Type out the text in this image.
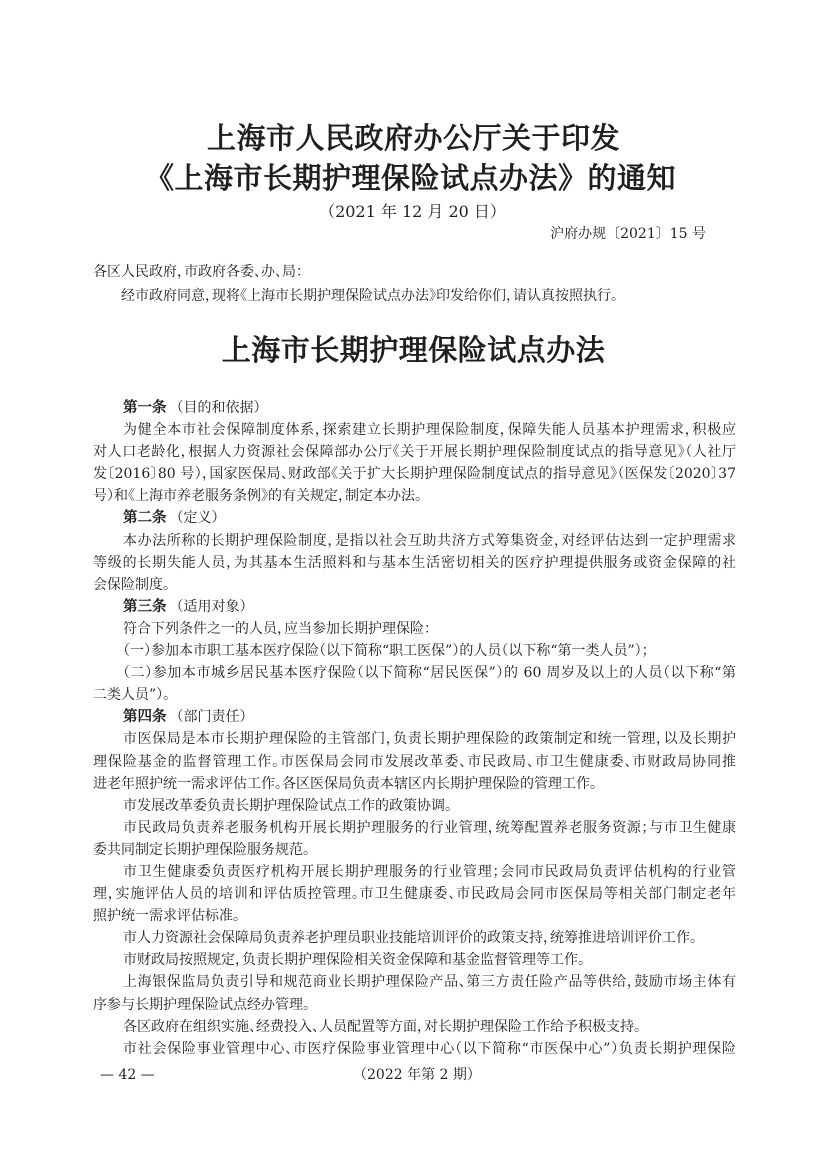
上海市人民政府办公厅关于印发
《上海市长期护理保险试点办法》的通知
（2021 年 12 月 20 日）
沪府办规〔2021〕15 号
各区人民政府，市政府各委、办、局：
经市政府同意，现将《上海市长期护理保险试点办法》印发给你们，请认真按照执行。
上海市长期护理保险试点办法
第一条 （目的和依据）
为健全本市社会保障制度体系，探索建立长期护理保险制度，保障失能人员基本护理需求，积极应
对人口老龄化，根据人力资源社会保障部办公厅《关于开展长期护理保险制度试点的指导意见》（人社厅
发〔2016〕80 号），国家医保局、财政部《关于扩大长期护理保险制度试点的指导意见》（医保发〔2020〕37
号）和《上海市养老服务条例》的有关规定，制定本办法。
第二条 （定义）
本办法所称的长期护理保险制度，是指以社会互助共济方式筹集资金，对经评估达到一定护理需求
等级的长期失能人员，为其基本生活照料和与基本生活密切相关的医疗护理提供服务或资金保障的社
会保险制度。
第三条 （适用对象）
符合下列条件之一的人员，应当参加长期护理保险：
（一）参加本市职工基本医疗保险（以下简称“职工医保”）的人员（以下称“第一类人员”）；
（二）参加本市城乡居民基本医疗保险（以下简称“居民医保”）的 60 周岁及以上的人员（以下称“第
二类人员”）。
第四条 （部门责任）
市医保局是本市长期护理保险的主管部门，负责长期护理保险的政策制定和统一管理，以及长期护
理保险基金的监督管理工作。市医保局会同市发展改革委、市民政局、市卫生健康委、市财政局协同推
进老年照护统一需求评估工作。各区医保局负责本辖区内长期护理保险的管理工作。
市发展改革委负责长期护理保险试点工作的政策协调。
市民政局负责养老服务机构开展长期护理服务的行业管理，统筹配置养老服务资源；与市卫生健康
委共同制定长期护理保险服务规范。
市卫生健康委负责医疗机构开展长期护理服务的行业管理；会同市民政局负责评估机构的行业管
理，实施评估人员的培训和评估质控管理。市卫生健康委、市民政局会同市医保局等相关部门制定老年
照护统一需求评估标准。
市人力资源社会保障局负责养老护理员职业技能培训评价的政策支持，统筹推进培训评价工作。
市财政局按照规定，负责长期护理保险相关资金保障和基金监督管理等工作。
上海银保监局负责引导和规范商业长期护理保险产品、第三方责任险产品等供给，鼓励市场主体有
序参与长期护理保险试点经办管理。
各区政府在组织实施、经费投入、人员配置等方面，对长期护理保险工作给予积极支持。
市社会保险事业管理中心、市医疗保险事业管理中心（以下简称“市医保中心”）负责长期护理保险
— 42 —	（2022 年第 2 期）
